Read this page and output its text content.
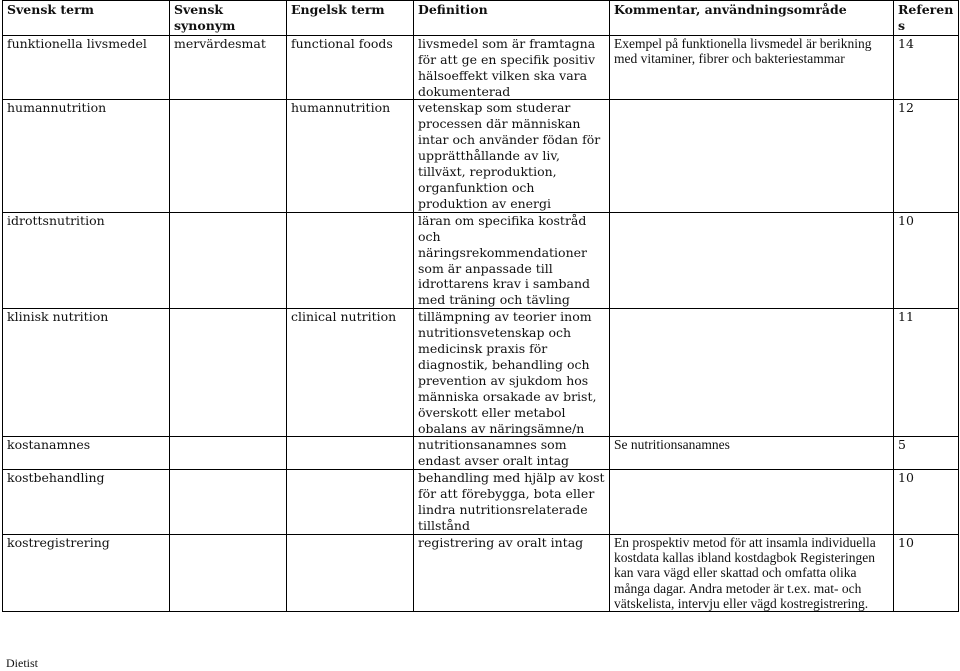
Svensk term	Svensk synonym	Engelsk term	Definition	Kommentar, användningsområde	Referens
funktionella livsmedel	mervärdesmat	functional foods	livsmedel som är framtagna för att ge en specifik positiv hälsoeffekt vilken ska vara dokumenterad	Exempel på funktionella livsmedel är berikning med vitaminer, fibrer och bakteriestammar	14
humannutrition		humannutrition	vetenskap som studerar processen där människan intar och använder födan för upprätthållande av liv, tillväxt, reproduktion, organfunktion och produktion av energi		12
idrottsnutrition			läran om specifika kostråd och näringsrekommendationer som är anpassade till idrottarens krav i samband med träning och tävling		10
klinisk nutrition		clinical nutrition	tillämpning av teorier inom nutritionsvetenskap och medicinsk praxis för diagnostik, behandling och prevention av sjukdom hos människa orsakade av brist, överskott eller metabol obalans av näringsämne/n		11
kostanamnes			nutritionsanamnes som endast avser oralt intag	Se nutritionsanamnes	5
kostbehandling			behandling med hjälp av kost för att förebygga, bota eller lindra nutritionsrelaterade tillstånd		10
kostregistrering			registrering av oralt intag	En prospektiv metod för att insamla individuella kostdata kallas ibland kostdagbok Registeringen kan vara vägd eller skattad och omfatta olika många dagar. Andra metoder är t.ex. mat- och vätskelista, intervju eller vägd kostregistrering.	10
Dietist
